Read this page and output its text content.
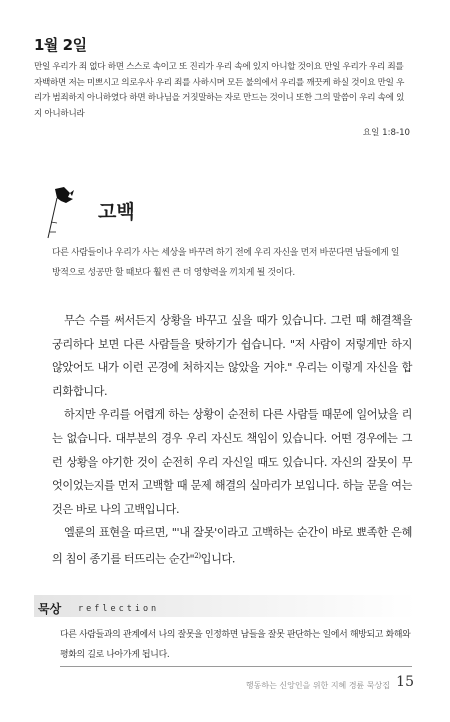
1월 2일
만일 우리가 죄 없다 하면 스스로 속이고 또 진리가 우리 속에 있지 아니할 것이요 만일 우리가 우리 죄를 자백하면 저는 미쁘시고 의로우사 우리 죄를 사하시며 모든 불의에서 우리를 깨끗케 하실 것이요 만일 우리가 범죄하지 아니하였다 하면 하나님을 거짓말하는 자로 만드는 것이니 또한 그의 말씀이 우리 속에 있지 아니하니라
요일 1:8-10
고백
다른 사람들이나 우리가 사는 세상을 바꾸려 하기 전에 우리 자신을 먼저 바꾼다면 남들에게 일방적으로 성공만 할 때보다 훨씬 큰 더 영향력을 끼치게 될 것이다.

무슨 수를 써서든지 상황을 바꾸고 싶을 때가 있습니다. 그런 때 해결책을 궁리하다 보면 다른 사람들을 탓하기가 쉽습니다. "저 사람이 저렇게만 하지 않았어도 내가 이런 곤경에 처하지는 않았을 거야." 우리는 이렇게 자신을 합리화합니다.

하지만 우리를 어렵게 하는 상황이 순전히 다른 사람들 때문에 일어났을 리는 없습니다. 대부분의 경우 우리 자신도 책임이 있습니다. 어떤 경우에는 그런 상황을 야기한 것이 순전히 우리 자신일 때도 있습니다. 자신의 잘못이 무엇이었는지를 먼저 고백할 때 문제 해결의 실마리가 보입니다. 하늘 문을 여는 것은 바로 나의 고백입니다.

엘룬의 표현을 따르면, "'내 잘못'이라고 고백하는 순간이 바로 뾰족한 은혜의 침이 종기를 터뜨리는 순간"$^{2)}$입니다.

묵상 reflection
다른 사람들과의 관계에서 나의 잘못을 인정하면 남들을 잘못 판단하는 일에서 해방되고 화해와 평화의 길로 나아가게 됩니다.
행동하는 신앙인을 위한 지혜 경륜 묵상집 15
